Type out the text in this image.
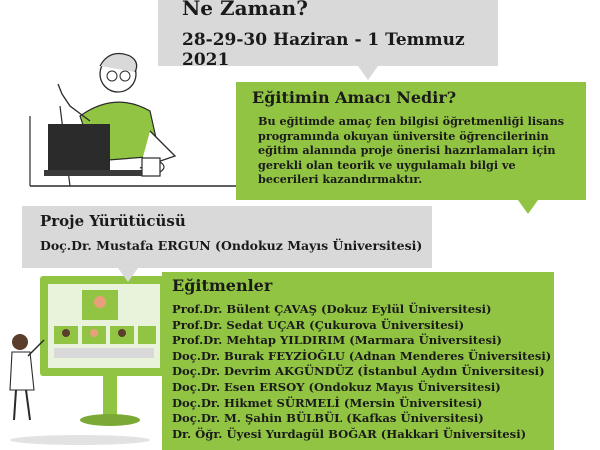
Ne Zaman?
28-29-30 Haziran - 1 Temmuz 2021
Eğitimin Amacı Nedir?
Bu eğitimde amaç fen bilgisi öğretmenliği lisans
programında okuyan üniversite öğrencilerinin
eğitim alanında proje önerisi hazırlamaları için
gerekli olan teorik ve uygulamalı bilgi ve
becerileri kazandırmaktır.
Proje Yürütücüsü
Doç.Dr. Mustafa ERGUN (Ondokuz Mayıs Üniversitesi)
Eğitmenler
Prof.Dr. Bülent ÇAVAŞ (Dokuz Eylül Üniversitesi)
Prof.Dr. Sedat UÇAR (Çukurova Üniversitesi)
Prof.Dr. Mehtap YILDIRIM (Marmara Üniversitesi)
Doç.Dr. Burak FEYZİOĞLU (Adnan Menderes Üniversitesi)
Doç.Dr. Devrim AKGÜNDÜZ (İstanbul Aydın Üniversitesi)
Doç.Dr. Esen ERSOY (Ondokuz Mayıs Üniversitesi)
Doç.Dr. Hikmet SÜRMELİ (Mersin Üniversitesi)
Doç.Dr. M. Şahin BÜLBÜL (Kafkas Üniversitesi)
Dr. Öğr. Üyesi Yurdagül BOĞAR (Hakkari Üniversitesi)
